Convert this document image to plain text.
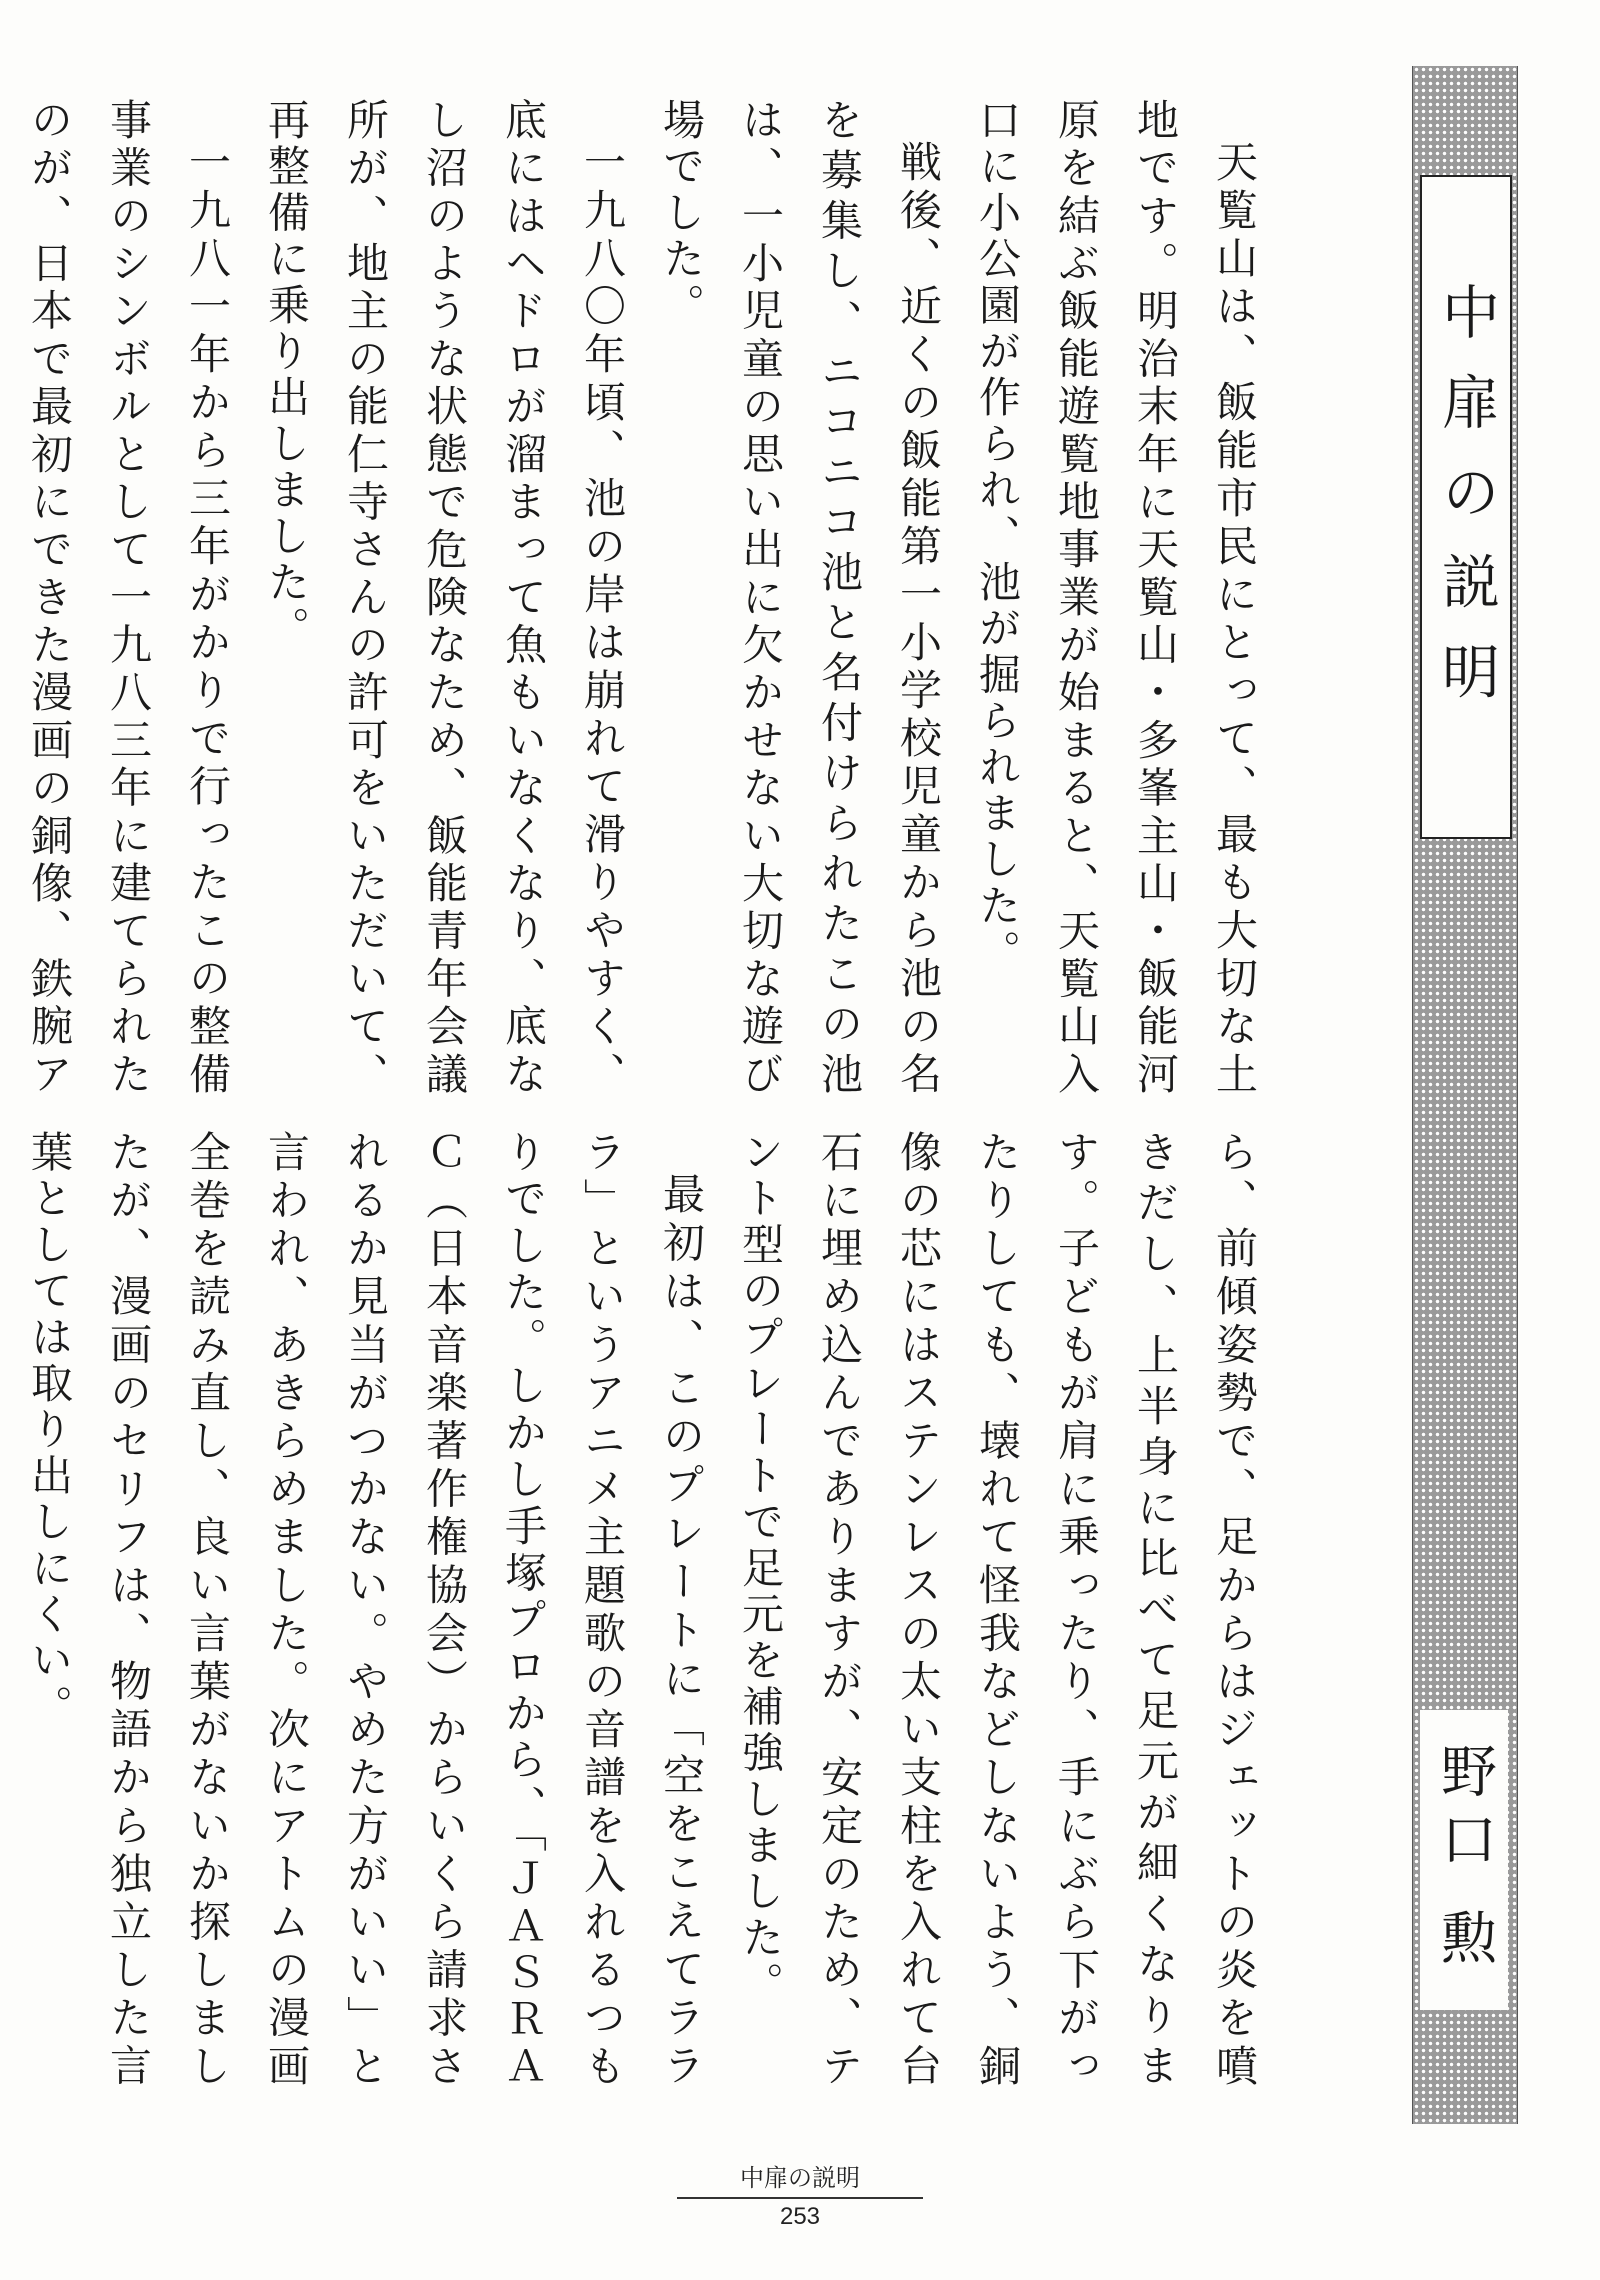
中扉の説明
野口 勲

天覧山は、飯能市民にとって、最も大切な土地です。明治末年に天覧山・多峯主山・飯能河原を結ぶ飯能遊覧地事業が始まると、天覧山入口に小公園が作られ、池が掘られました。

戦後、近くの飯能第一小学校児童から池の名を募集し、ニコニコ池と名付けられたこの池は、一小児童の思い出に欠かせない大切な遊び場でした。

一九八〇年頃、池の岸は崩れて滑りやすく、底にはヘドロが溜まって魚もいなくなり、底なし沼のような状態で危険なため、飯能青年会議所が、地主の能仁寺さんの許可をいただいて、再整備に乗り出しました。

一九八一年から三年がかりで行ったこの整備事業のシンボルとして一九八三年に建てられたのが、日本で最初にできた漫画の銅像、鉄腕ア

ら、前傾姿勢で、足からはジェットの炎を噴きだし、上半身に比べて足元が細くなります。子どもが肩に乗ったり、手にぶら下がったりしても、壊れて怪我などしないよう、銅像の芯にはステンレスの太い支柱を入れて台石に埋め込んでありますが、安定のため、テント型のプレートで足元を補強しました。

最初は、このプレートに「空をこえてラララ」というアニメ主題歌の音譜を入れるつもりでした。しかし手塚プロから、「ＪＡＳＲＡＣ（日本音楽著作権協会）からいくら請求されるか見当がつかない。やめた方がいい」と言われ、あきらめました。次にアトムの漫画全巻を読み直し、良い言葉がないか探しましたが、漫画のセリフは、物語から独立した言葉としては取り出しにくい。

中扉の説明
253
